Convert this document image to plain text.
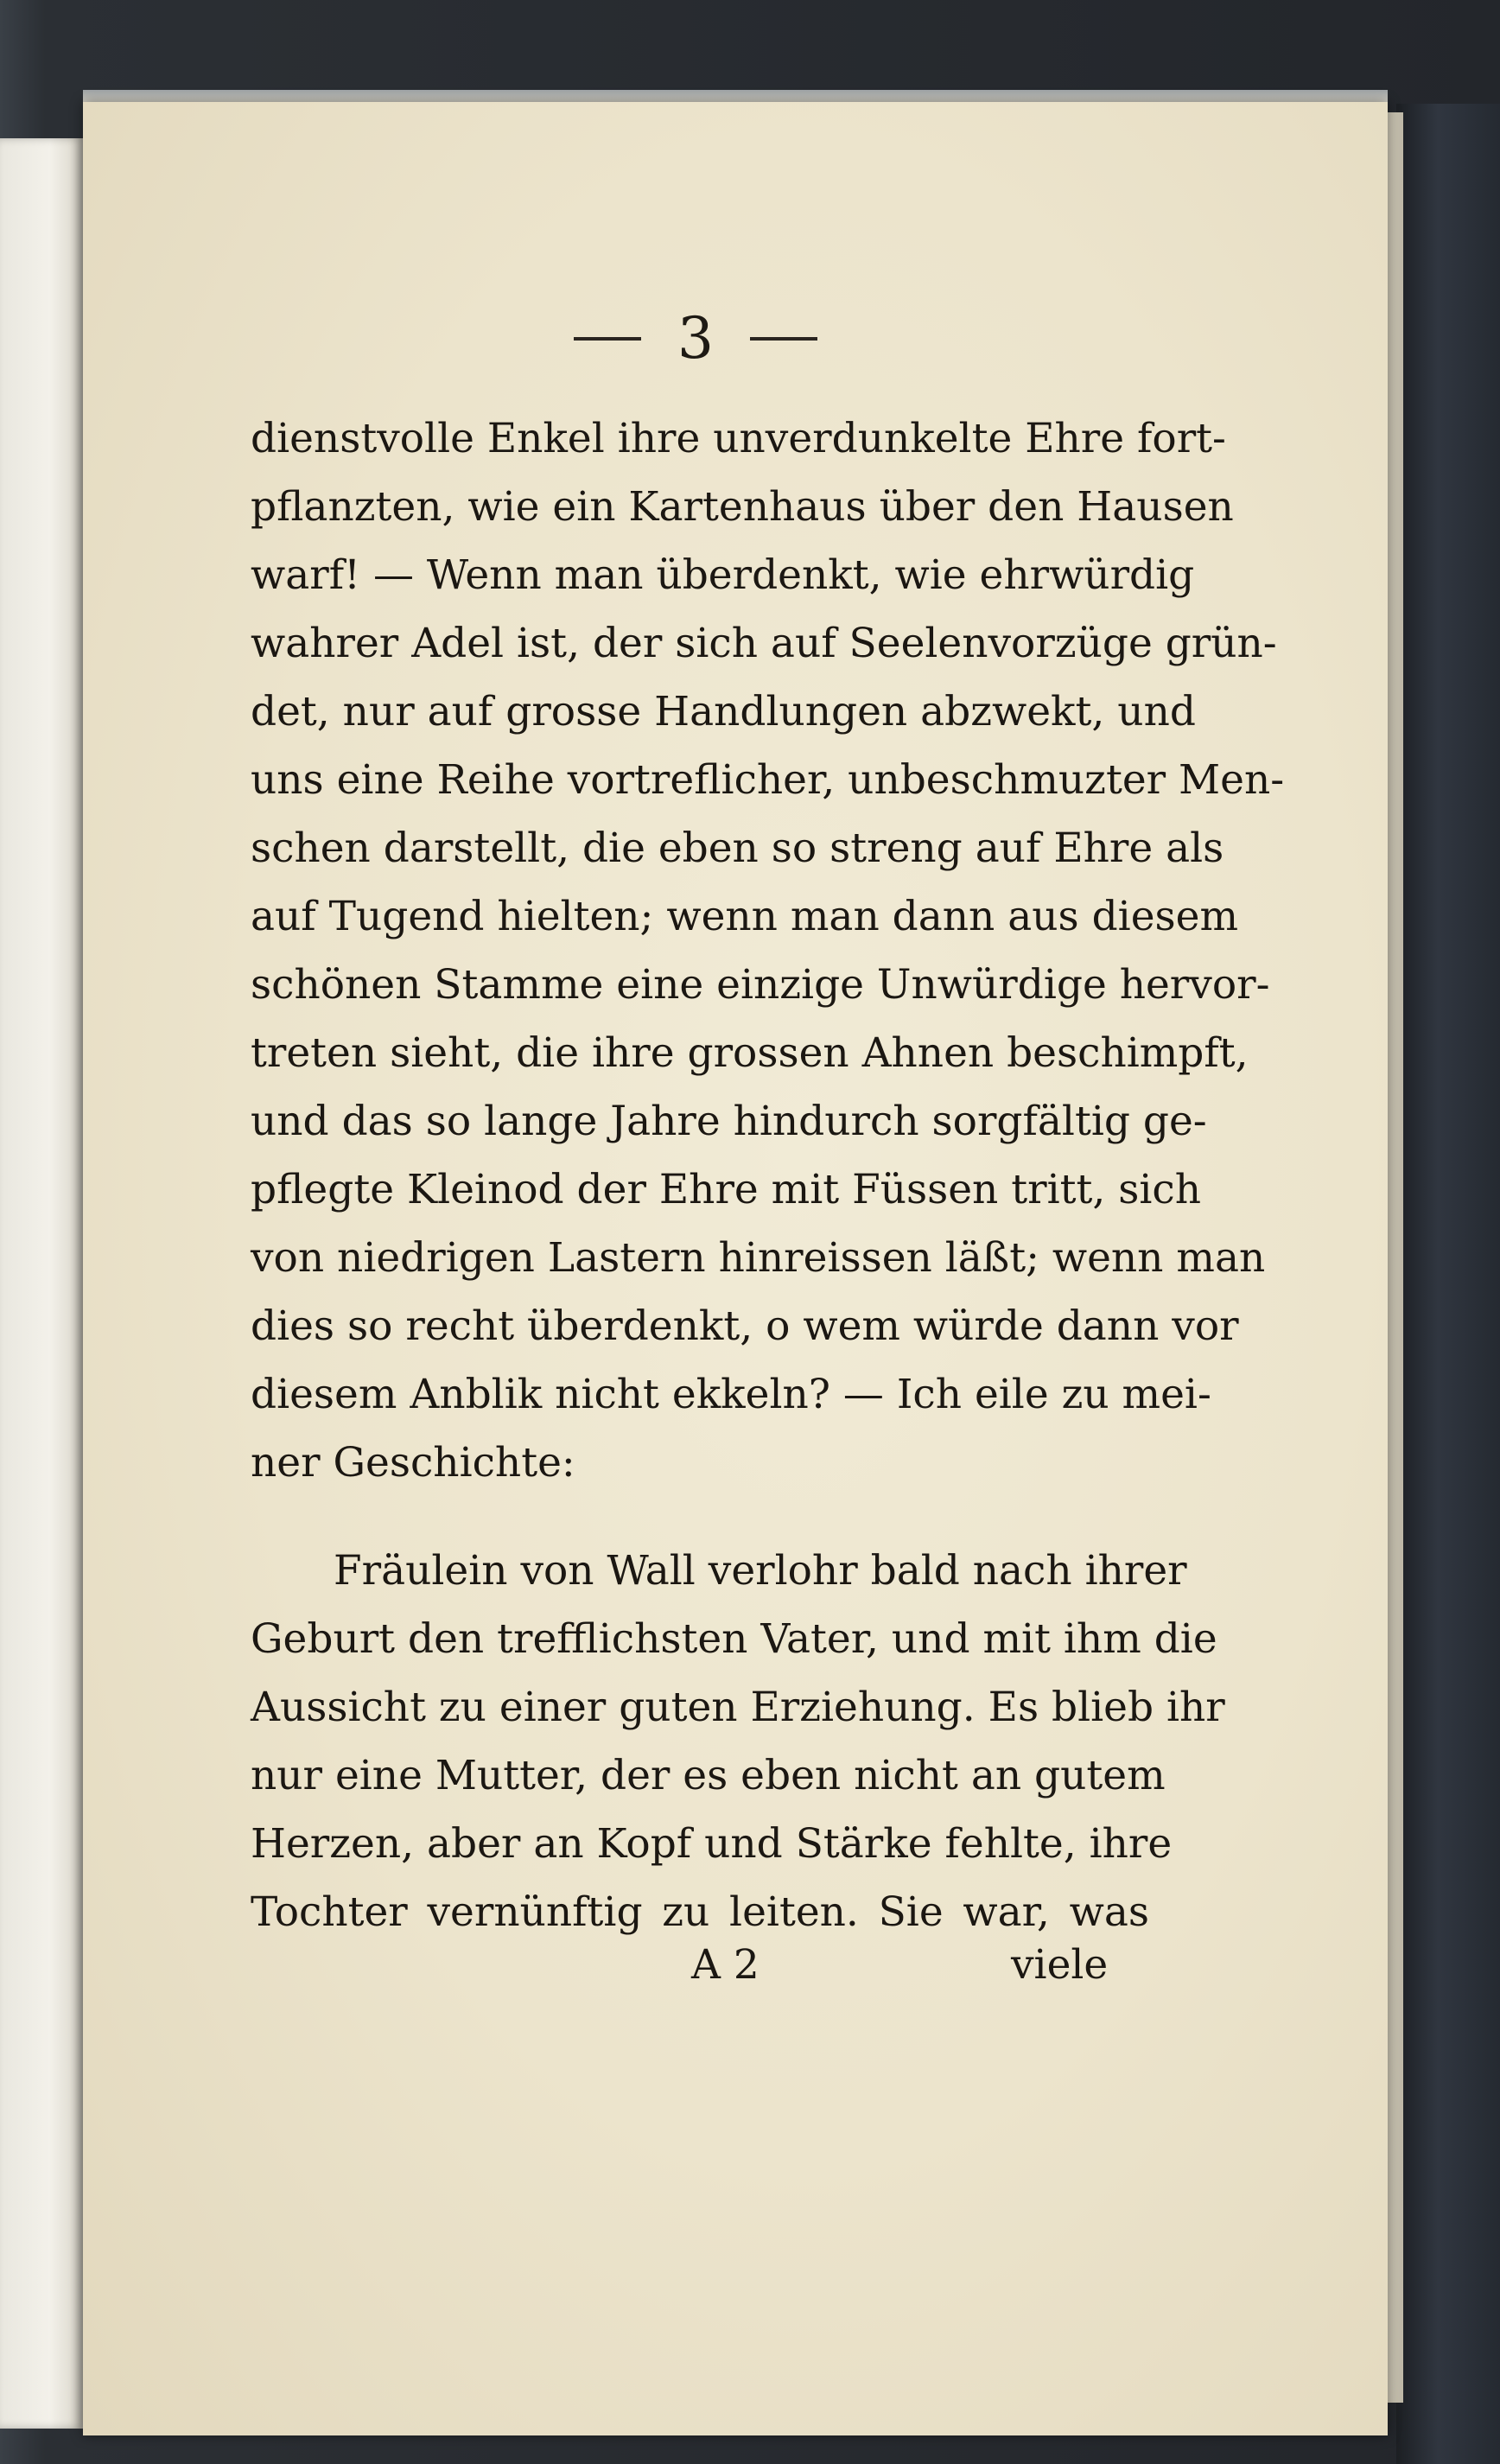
3
dienstvolle Enkel ihre unverdunkelte Ehre fort-
pflanzten, wie ein Kartenhaus über den Hausen
warf! — Wenn man überdenkt, wie ehrwürdig
wahrer Adel ist, der sich auf Seelenvorzüge grün-
det, nur auf grosse Handlungen abzwekt, und
uns eine Reihe vortreflicher, unbeschmuzter Men-
schen darstellt, die eben so streng auf Ehre als
auf Tugend hielten; wenn man dann aus diesem
schönen Stamme eine einzige Unwürdige hervor-
treten sieht, die ihre grossen Ahnen beschimpft,
und das so lange Jahre hindurch sorgfältig ge-
pflegte Kleinod der Ehre mit Füssen tritt, sich
von niedrigen Lastern hinreissen läßt; wenn man
dies so recht überdenkt, o wem würde dann vor
diesem Anblik nicht ekkeln? — Ich eile zu mei-
ner Geschichte:
Fräulein von Wall verlohr bald nach ihrer
Geburt den trefflichsten Vater, und mit ihm die
Aussicht zu einer guten Erziehung. Es blieb ihr
nur eine Mutter, der es eben nicht an gutem
Herzen, aber an Kopf und Stärke fehlte, ihre
Tochter vernünftig zu leiten. Sie war, was
A 2	viele
